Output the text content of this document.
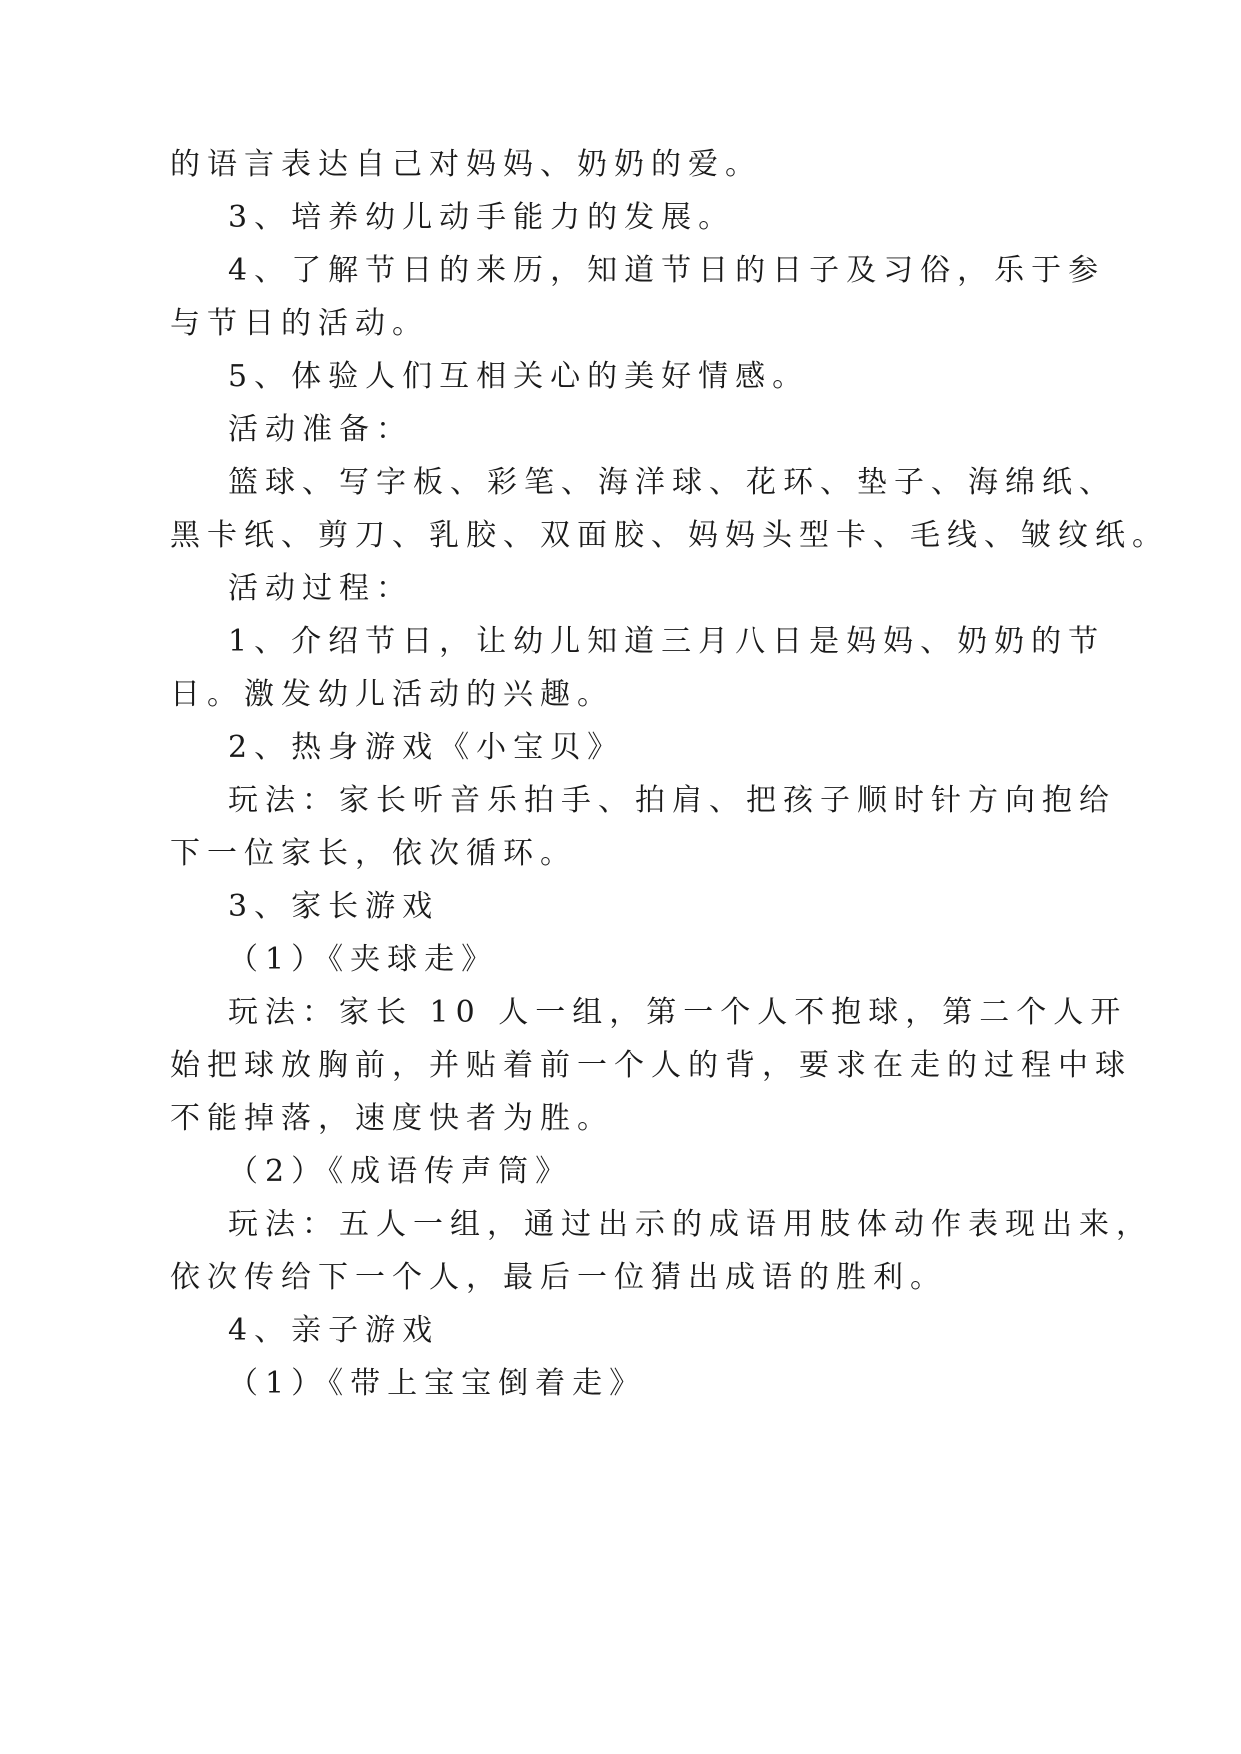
的语言表达自己对妈妈、奶奶的爱。
3、培养幼儿动手能力的发展。
4、了解节日的来历，知道节日的日子及习俗，乐于参
与节日的活动。
5、体验人们互相关心的美好情感。
活动准备：
篮球、写字板、彩笔、海洋球、花环、垫子、海绵纸、
黑卡纸、剪刀、乳胶、双面胶、妈妈头型卡、毛线、皱纹纸。
活动过程：
1、介绍节日，让幼儿知道三月八日是妈妈、奶奶的节
日。激发幼儿活动的兴趣。
2、热身游戏《小宝贝》
玩法：家长听音乐拍手、拍肩、把孩子顺时针方向抱给
下一位家长，依次循环。
3、家长游戏
（1）《夹球走》
玩法：家长 10 人一组，第一个人不抱球，第二个人开
始把球放胸前，并贴着前一个人的背，要求在走的过程中球
不能掉落，速度快者为胜。
（2）《成语传声筒》
玩法：五人一组，通过出示的成语用肢体动作表现出来，
依次传给下一个人，最后一位猜出成语的胜利。
4、亲子游戏
（1）《带上宝宝倒着走》
